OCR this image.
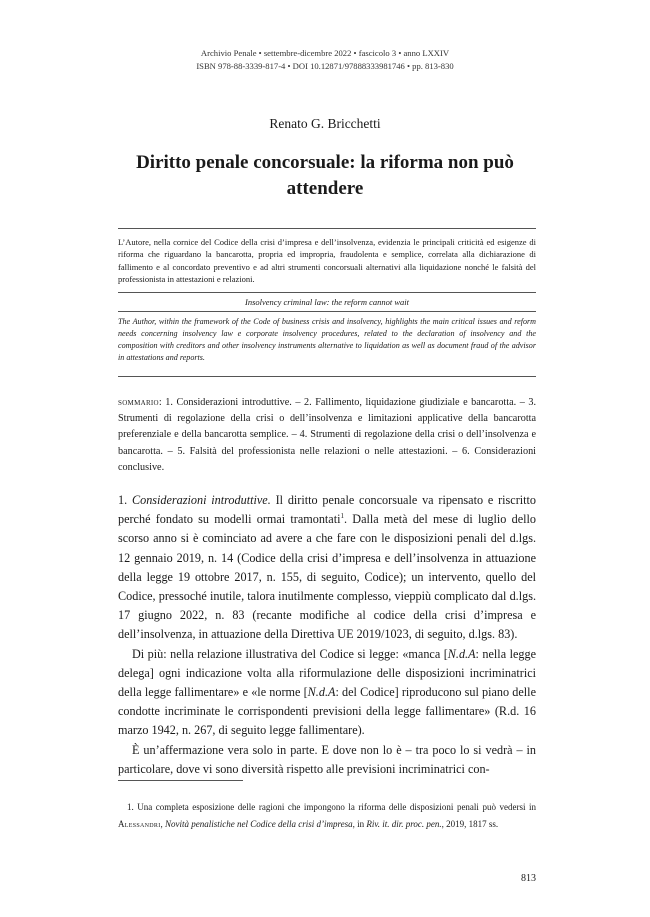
Archivio Penale • settembre-dicembre 2022 • fascicolo 3 • anno LXXIV
ISBN 978-88-3339-817-4 • DOI 10.12871/97888333981746 • pp. 813-830
Renato G. Bricchetti
Diritto penale concorsuale: la riforma non può attendere
L’Autore, nella cornice del Codice della crisi d’impresa e dell’insolvenza, evidenzia le principali criticità ed esigenze di riforma che riguardano la bancarotta, propria ed impropria, fraudolenta e semplice, correlata alla dichiarazione di fallimento e al concordato preventivo e ad altri strumenti concorsuali alternativi alla liquidazione nonché le falsità del professionista in attestazioni e relazioni.
Insolvency criminal law: the reform cannot wait
The Author, within the framework of the Code of business crisis and insolvency, highlights the main critical issues and reform needs concerning insolvency law e corporate insolvency procedures, related to the declaration of insolvency and the composition with creditors and other insolvency instruments alternative to liquidation as well as document fraud of the advisor in attestations and reports.
sommario: 1. Considerazioni introduttive. – 2. Fallimento, liquidazione giudiziale e bancarotta. – 3. Strumenti di regolazione della crisi o dell’insolvenza e limitazioni applicative della bancarotta preferenziale e della bancarotta semplice. – 4. Strumenti di regolazione della crisi o dell’insolvenza e bancarotta. – 5. Falsità del professionista nelle relazioni o nelle attestazioni. – 6. Considerazioni conclusive.

1. Considerazioni introduttive. Il diritto penale concorsuale va ripensato e riscritto perché fondato su modelli ormai tramontati$^1$. Dalla metà del mese di luglio dello scorso anno si è cominciato ad avere a che fare con le disposizioni penali del d.lgs. 12 gennaio 2019, n. 14 (Codice della crisi d’impresa e dell’insolvenza in attuazione della legge 19 ottobre 2017, n. 155, di seguito, Codice); un intervento, quello del Codice, pressoché inutile, talora inutilmente complesso, vieppiù complicato dal d.lgs. 17 giugno 2022, n. 83 (recante modifiche al codice della crisi d’impresa e dell’insolvenza, in attuazione della Direttiva UE 2019/1023, di seguito, d.lgs. 83).

Di più: nella relazione illustrativa del Codice si legge: «manca [N.d.A: nella legge delega] ogni indicazione volta alla riformulazione delle disposizioni incriminatrici della legge fallimentare» e «le norme [N.d.A: del Codice] riproducono sul piano delle condotte incriminate le corrispondenti previsioni della legge fallimentare» (R.d. 16 marzo 1942, n. 267, di seguito legge fallimentare).

È un’affermazione vera solo in parte. E dove non lo è – tra poco lo si vedrà – in particolare, dove vi sono diversità rispetto alle previsioni incriminatrici con-

 1. Una completa esposizione delle ragioni che impongono la riforma delle disposizioni penali può vedersi in Alessandri, Novità penalistiche nel Codice della crisi d’impresa, in Riv. it. dir. proc. pen., 2019, 1817 ss.
813
